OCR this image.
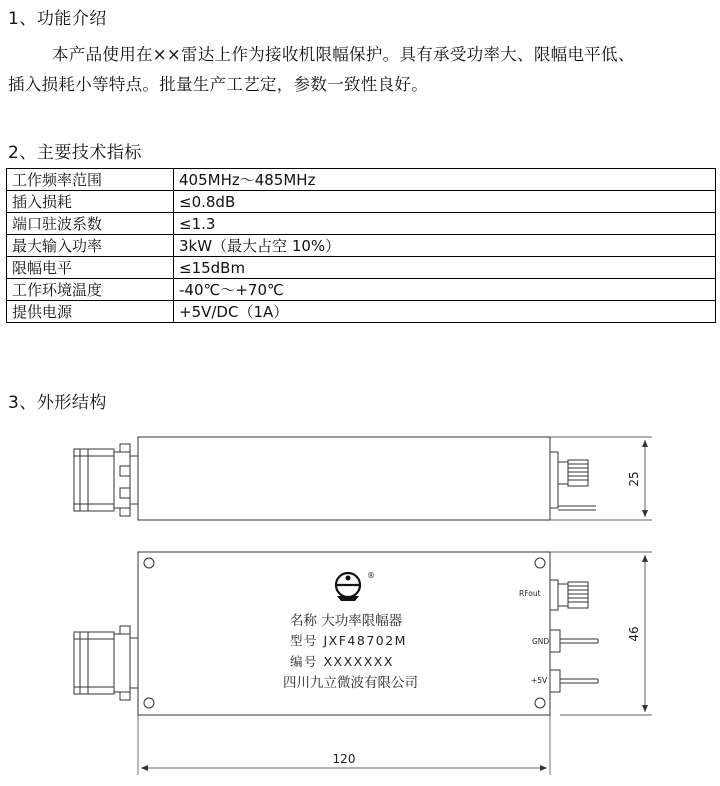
1、功能介绍
本产品使用在××雷达上作为接收机限幅保护。具有承受功率大、限幅电平低、
插入损耗小等特点。批量生产工艺定，参数一致性良好。
2、主要技术指标
工作频率范围	405MHz～485MHz
插入损耗	≤0.8dB
端口驻波系数	≤1.3
最大输入功率	3kW（最大占空 10%）
限幅电平	≤15dBm
工作环境温度	-40℃～+70℃
提供电源	+5V/DC（1A）
3、外形结构
25
46
120
®
名称 大功率限幅器
型号 JXF48702M
编号 XXXXXXX
四川九立微波有限公司
RFout
GND
+5V
